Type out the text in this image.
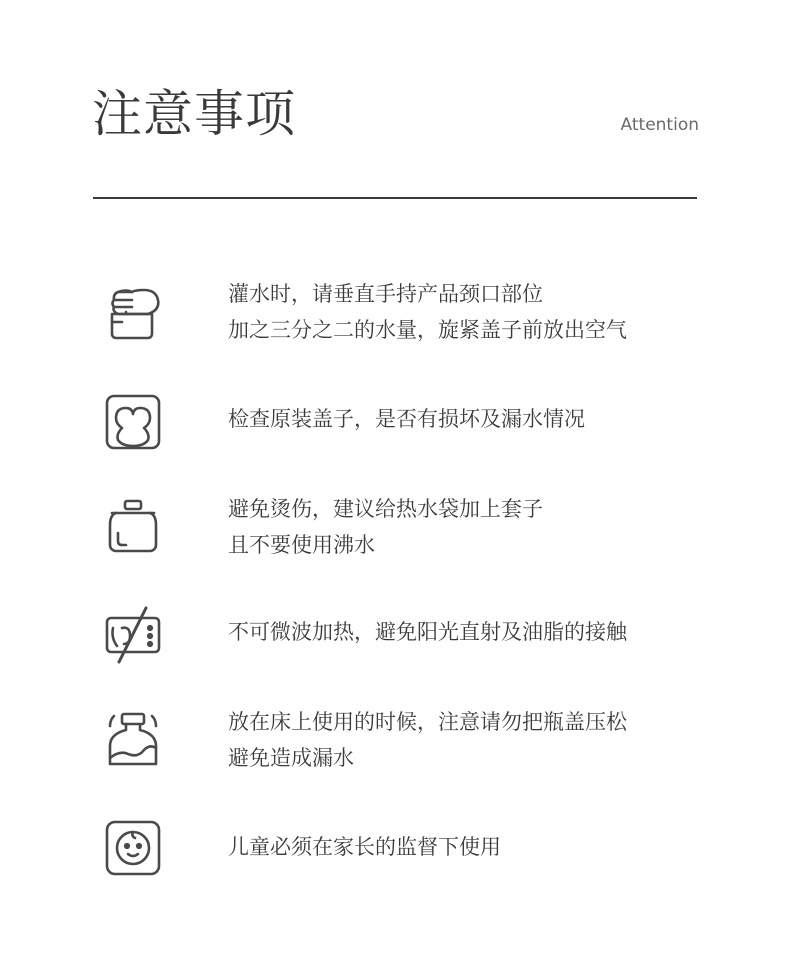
注意事项	Attention
灌水时，请垂直手持产品颈口部位
加之三分之二的水量，旋紧盖子前放出空气
检查原装盖子，是否有损坏及漏水情况
避免烫伤，建议给热水袋加上套子
且不要使用沸水
不可微波加热，避免阳光直射及油脂的接触
放在床上使用的时候，注意请勿把瓶盖压松
避免造成漏水
儿童必须在家长的监督下使用
